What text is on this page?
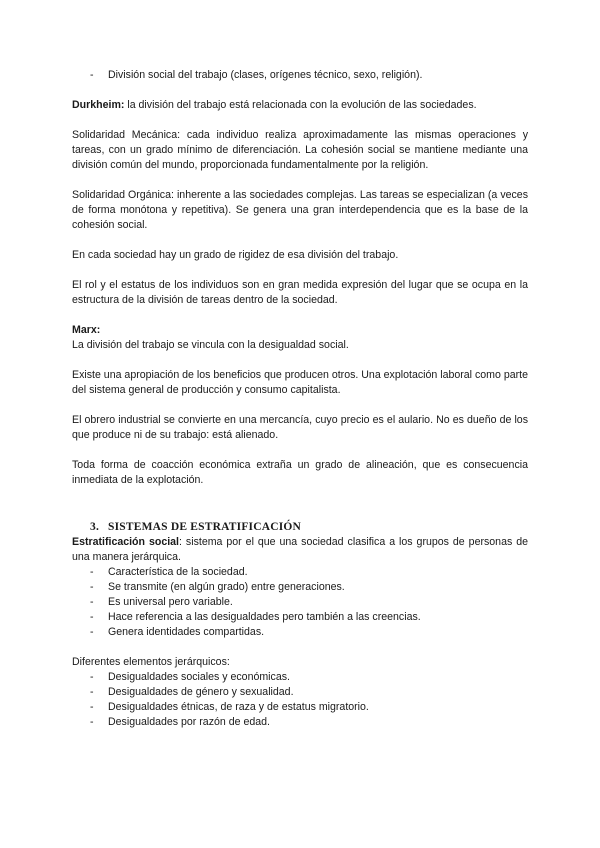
- División social del trabajo (clases, orígenes técnico, sexo, religión).

Durkheim: la división del trabajo está relacionada con la evolución de las sociedades.

Solidaridad Mecánica: cada individuo realiza aproximadamente las mismas operaciones y tareas, con un grado mínimo de diferenciación. La cohesión social se mantiene mediante una división común del mundo, proporcionada fundamentalmente por la religión.

Solidaridad Orgánica: inherente a las sociedades complejas. Las tareas se especializan (a veces de forma monótona y repetitiva). Se genera una gran interdependencia que es la base de la cohesión social.

En cada sociedad hay un grado de rigidez de esa división del trabajo.

El rol y el estatus de los individuos son en gran medida expresión del lugar que se ocupa en la estructura de la división de tareas dentro de la sociedad.

Marx:

La división del trabajo se vincula con la desigualdad social.

Existe una apropiación de los beneficios que producen otros. Una explotación laboral como parte del sistema general de producción y consumo capitalista.

El obrero industrial se convierte en una mercancía, cuyo precio es el aulario. No es dueño de los que produce ni de su trabajo: está alienado.

Toda forma de coacción económica extraña un grado de alineación, que es consecuencia inmediata de la explotación.

3. SISTEMAS DE ESTRATIFICACIÓN

Estratificación social: sistema por el que una sociedad clasifica a los grupos de personas de una manera jerárquica.

- Característica de la sociedad.
- Se transmite (en algún grado) entre generaciones.
- Es universal pero variable.
- Hace referencia a las desigualdades pero también a las creencias.
- Genera identidades compartidas.

Diferentes elementos jerárquicos:

- Desigualdades sociales y económicas.
- Desigualdades de género y sexualidad.
- Desigualdades étnicas, de raza y de estatus migratorio.
- Desigualdades por razón de edad.
